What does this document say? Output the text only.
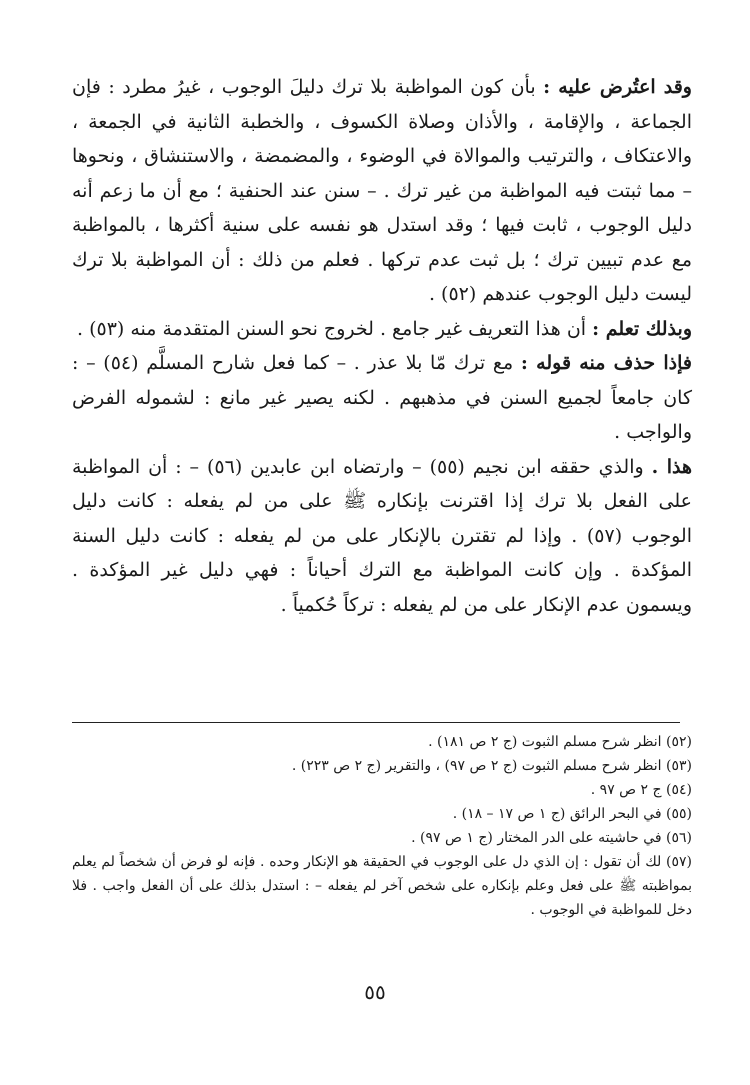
وقد اعتُرض عليه : بأن كون المواظبة بلا ترك دليلَ الوجوب ، غيرُ مطرد : فإن الجماعة ، والإقامة ، والأذان وصلاة الكسوف ، والخطبة الثانية في الجمعة ، والاعتكاف ، والترتيب والموالاة في الوضوء ، والمضمضة ، والاستنشاق ، ونحوها – مما ثبتت فيه المواظبة من غير ترك . – سنن عند الحنفية ؛ مع أن ما زعم أنه دليل الوجوب ، ثابت فيها ؛ وقد استدل هو نفسه على سنية أكثرها ، بالمواظبة مع عدم تبيين ترك ؛ بل ثبت عدم تركها . فعلم من ذلك : أن المواظبة بلا ترك ليست دليل الوجوب عندهم (٥٢) .

وبذلك تعلم : أن هذا التعريف غير جامع . لخروج نحو السنن المتقدمة منه (٥٣) .

فإذا حذف منه قوله : مع ترك مّا بلا عذر . – كما فعل شارح المسلَّم (٥٤) – : كان جامعاً لجميع السنن في مذهبهم . لكنه يصير غير مانع : لشموله الفرض والواجب .

هذا . والذي حققه ابن نجيم (٥٥) – وارتضاه ابن عابدين (٥٦) – : أن المواظبة على الفعل بلا ترك إذا اقترنت بإنكاره ﷺ على من لم يفعله : كانت دليل الوجوب (٥٧) . وإذا لم تقترن بالإنكار على من لم يفعله : كانت دليل السنة المؤكدة . وإن كانت المواظبة مع الترك أحياناً : فهي دليل غير المؤكدة . ويسمون عدم الإنكار على من لم يفعله : تركاً حُكمياً .

(٥٢) انظر شرح مسلم الثبوت (ج ٢ ص ١٨١) .

(٥٣) انظر شرح مسلم الثبوت (ج ٢ ص ٩٧) ، والتقرير (ج ٢ ص ٢٢٣) .

(٥٤) ج ٢ ص ٩٧ .

(٥٥) في البحر الرائق (ج ١ ص ١٧ – ١٨) .

(٥٦) في حاشيته على الدر المختار (ج ١ ص ٩٧) .

(٥٧) لك أن تقول : إن الذي دل على الوجوب في الحقيقة هو الإنكار وحده . فإنه لو فرض أن شخصاً لم يعلم بمواظبته ﷺ على فعل وعلم بإنكاره على شخص آخر لم يفعله – : استدل بذلك على أن الفعل واجب . فلا دخل للمواظبة في الوجوب .

٥٥
